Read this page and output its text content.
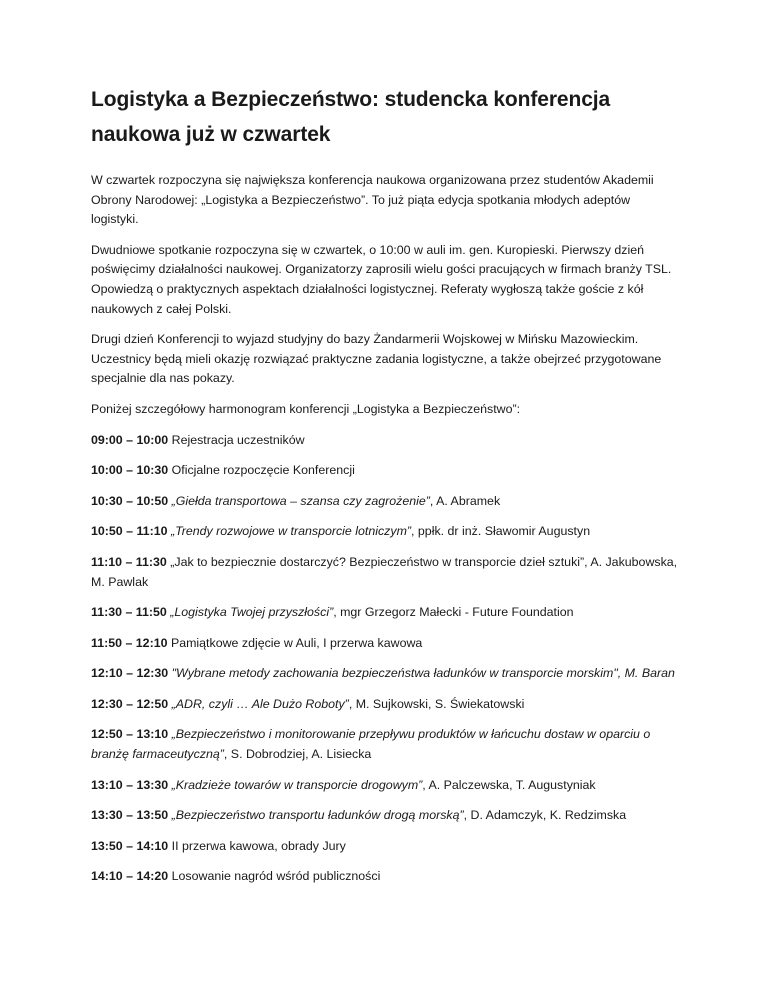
Logistyka a Bezpieczeństwo: studencka konferencja naukowa już w czwartek

W czwartek rozpoczyna się największa konferencja naukowa organizowana przez studentów Akademii Obrony Narodowej: „Logistyka a Bezpieczeństwo”. To już piąta edycja spotkania młodych adeptów logistyki.

Dwudniowe spotkanie rozpoczyna się w czwartek, o 10:00 w auli im. gen. Kuropieski. Pierwszy dzień poświęcimy działalności naukowej. Organizatorzy zaprosili wielu gości pracujących w firmach branży TSL. Opowiedzą o praktycznych aspektach działalności logistycznej. Referaty wygłoszą także goście z kół naukowych z całej Polski.

Drugi dzień Konferencji to wyjazd studyjny do bazy Żandarmerii Wojskowej w Mińsku Mazowieckim. Uczestnicy będą mieli okazję rozwiązać praktyczne zadania logistyczne, a także obejrzeć przygotowane specjalnie dla nas pokazy.

Poniżej szczegółowy harmonogram konferencji „Logistyka a Bezpieczeństwo”:

09:00 – 10:00 Rejestracja uczestników

10:00 – 10:30 Oficjalne rozpoczęcie Konferencji

10:30 – 10:50 „Giełda transportowa – szansa czy zagrożenie”, A. Abramek

10:50 – 11:10 „Trendy rozwojowe w transporcie lotniczym”, ppłk. dr inż. Sławomir Augustyn

11:10 – 11:30 „Jak to bezpiecznie dostarczyć? Bezpieczeństwo w transporcie dzieł sztuki”, A. Jakubowska, M. Pawlak

11:30 – 11:50 „Logistyka Twojej przyszłości”, mgr Grzegorz Małecki - Future Foundation

11:50 – 12:10 Pamiątkowe zdjęcie w Auli, I przerwa kawowa

12:10 – 12:30 "Wybrane metody zachowania bezpieczeństwa ładunków w transporcie morskim", M. Baran

12:30 – 12:50 „ADR, czyli … Ale Dużo Roboty”, M. Sujkowski, S. Świekatowski

12:50 – 13:10 „Bezpieczeństwo i monitorowanie przepływu produktów w łańcuchu dostaw w oparciu o branżę farmaceutyczną”, S. Dobrodziej, A. Lisiecka

13:10 – 13:30 „Kradzieże towarów w transporcie drogowym”, A. Palczewska, T. Augustyniak

13:30 – 13:50 „Bezpieczeństwo transportu ładunków drogą morską”, D. Adamczyk, K. Redzimska

13:50 – 14:10 II przerwa kawowa, obrady Jury

14:10 – 14:20 Losowanie nagród wśród publiczności
